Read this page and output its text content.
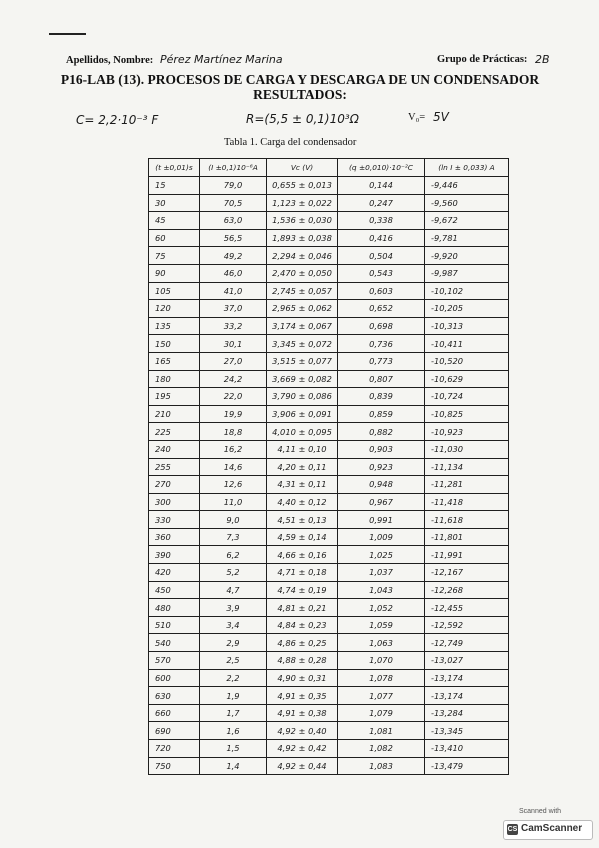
Apellidos, Nombre: Pérez Martínez Marina	Grupo de Prácticas: 2B
P16-LAB (13). PROCESOS DE CARGA Y DESCARGA DE UN CONDENSADOR
RESULTADOS:
C= 2,2·10⁻³ F	R=(5,5 ± 0,1)10³Ω	V₀= 5V
Tabla 1. Carga del condensador
(t ±0,01)s	(I ±0,1)10⁻⁶A	Vc (V)	(q ±0,010)·10⁻²C	(ln I ± 0,033) A
15	79,0	0,655 ± 0,013	0,144	-9,446
30	70,5	1,123 ± 0,022	0,247	-9,560
45	63,0	1,536 ± 0,030	0,338	-9,672
60	56,5	1,893 ± 0,038	0,416	-9,781
75	49,2	2,294 ± 0,046	0,504	-9,920
90	46,0	2,470 ± 0,050	0,543	-9,987
105	41,0	2,745 ± 0,057	0,603	-10,102
120	37,0	2,965 ± 0,062	0,652	-10,205
135	33,2	3,174 ± 0,067	0,698	-10,313
150	30,1	3,345 ± 0,072	0,736	-10,411
165	27,0	3,515 ± 0,077	0,773	-10,520
180	24,2	3,669 ± 0,082	0,807	-10,629
195	22,0	3,790 ± 0,086	0,839	-10,724
210	19,9	3,906 ± 0,091	0,859	-10,825
225	18,8	4,010 ± 0,095	0,882	-10,923
240	16,2	4,11 ± 0,10	0,903	-11,030
255	14,6	4,20 ± 0,11	0,923	-11,134
270	12,6	4,31 ± 0,11	0,948	-11,281
300	11,0	4,40 ± 0,12	0,967	-11,418
330	9,0	4,51 ± 0,13	0,991	-11,618
360	7,3	4,59 ± 0,14	1,009	-11,801
390	6,2	4,66 ± 0,16	1,025	-11,991
420	5,2	4,71 ± 0,18	1,037	-12,167
450	4,7	4,74 ± 0,19	1,043	-12,268
480	3,9	4,81 ± 0,21	1,052	-12,455
510	3,4	4,84 ± 0,23	1,059	-12,592
540	2,9	4,86 ± 0,25	1,063	-12,749
570	2,5	4,88 ± 0,28	1,070	-13,027
600	2,2	4,90 ± 0,31	1,078	-13,174
630	1,9	4,91 ± 0,35	1,077	-13,174
660	1,7	4,91 ± 0,38	1,079	-13,284
690	1,6	4,92 ± 0,40	1,081	-13,345
720	1,5	4,92 ± 0,42	1,082	-13,410
750	1,4	4,92 ± 0,44	1,083	-13,479
Scanned with
CS CamScanner
